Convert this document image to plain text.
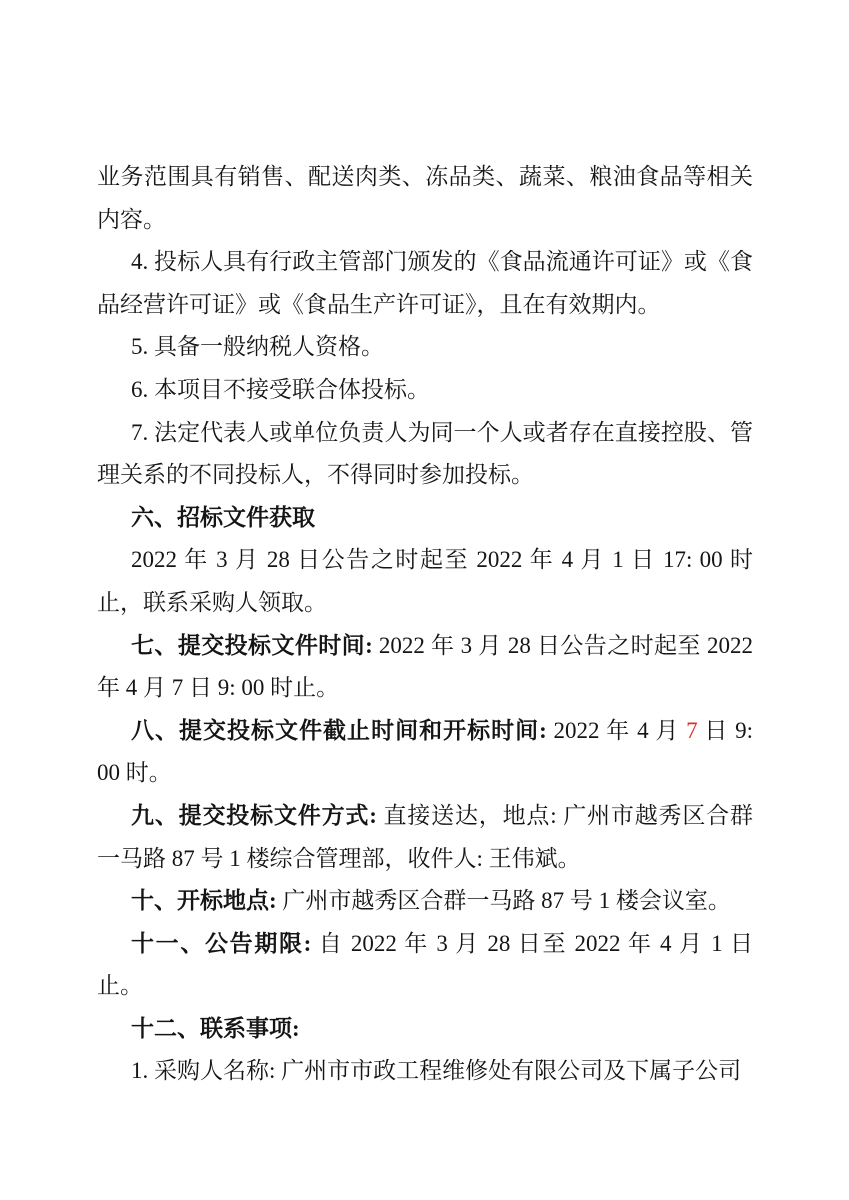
业务范围具有销售、配送肉类、冻品类、蔬菜、粮油食品等相关内容。

4. 投标人具有行政主管部门颁发的《食品流通许可证》或《食品经营许可证》或《食品生产许可证》，且在有效期内。

5. 具备一般纳税人资格。

6. 本项目不接受联合体投标。

7. 法定代表人或单位负责人为同一个人或者存在直接控股、管理关系的不同投标人，不得同时参加投标。

六、招标文件获取

2022 年 3 月 28 日公告之时起至 2022 年 4 月 1 日 17: 00 时止，联系采购人领取。

七、提交投标文件时间: 2022 年 3 月 28 日公告之时起至 2022 年 4 月 7 日 9: 00 时止。

八、提交投标文件截止时间和开标时间: 2022 年 4 月 7 日 9: 00 时。

九、提交投标文件方式: 直接送达，地点: 广州市越秀区合群一马路 87 号 1 楼综合管理部，收件人: 王伟斌。

十、开标地点: 广州市越秀区合群一马路 87 号 1 楼会议室。

十一、公告期限: 自 2022 年 3 月 28 日至 2022 年 4 月 1 日止。

十二、联系事项:

1. 采购人名称: 广州市市政工程维修处有限公司及下属子公司
